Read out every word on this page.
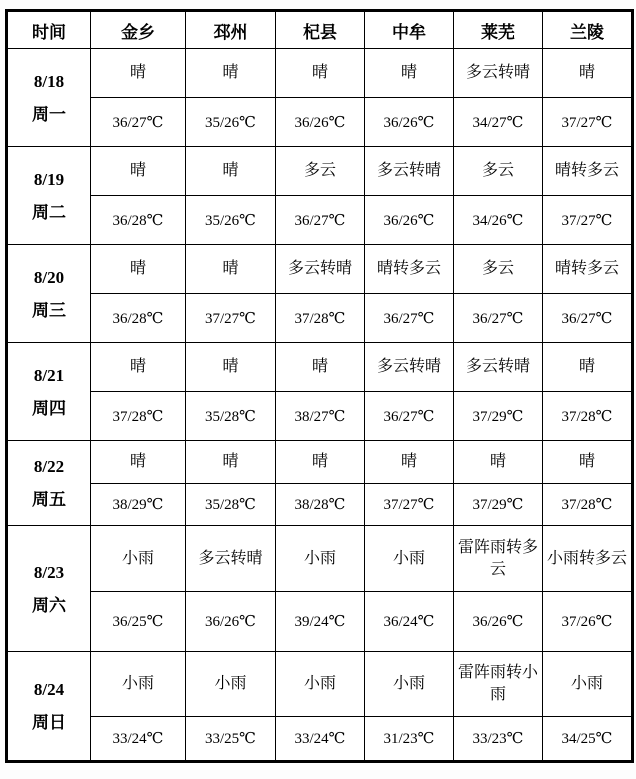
时间	金乡	邳州	杞县	中牟	莱芜	兰陵

8/18
周一	晴	晴	晴	晴	多云转晴	晴
	36/27℃	35/26℃	36/26℃	36/26℃	34/27℃	37/27℃

8/19
周二	晴	晴	多云	多云转晴	多云	晴转多云
	36/28℃	35/26℃	36/27℃	36/26℃	34/26℃	37/27℃

8/20
周三	晴	晴	多云转晴	晴转多云	多云	晴转多云
	36/28℃	37/27℃	37/28℃	36/27℃	36/27℃	36/27℃

8/21
周四	晴	晴	晴	多云转晴	多云转晴	晴
	37/28℃	35/28℃	38/27℃	36/27℃	37/29℃	37/28℃

8/22
周五	晴	晴	晴	晴	晴	晴
	38/29℃	35/28℃	38/28℃	37/27℃	37/29℃	37/28℃

8/23
周六	小雨	多云转晴	小雨	小雨	雷阵雨转多云	小雨转多云
	36/25℃	36/26℃	39/24℃	36/24℃	36/26℃	37/26℃

8/24
周日	小雨	小雨	小雨	小雨	雷阵雨转小雨	小雨
	33/24℃	33/25℃	33/24℃	31/23℃	33/23℃	34/25℃
